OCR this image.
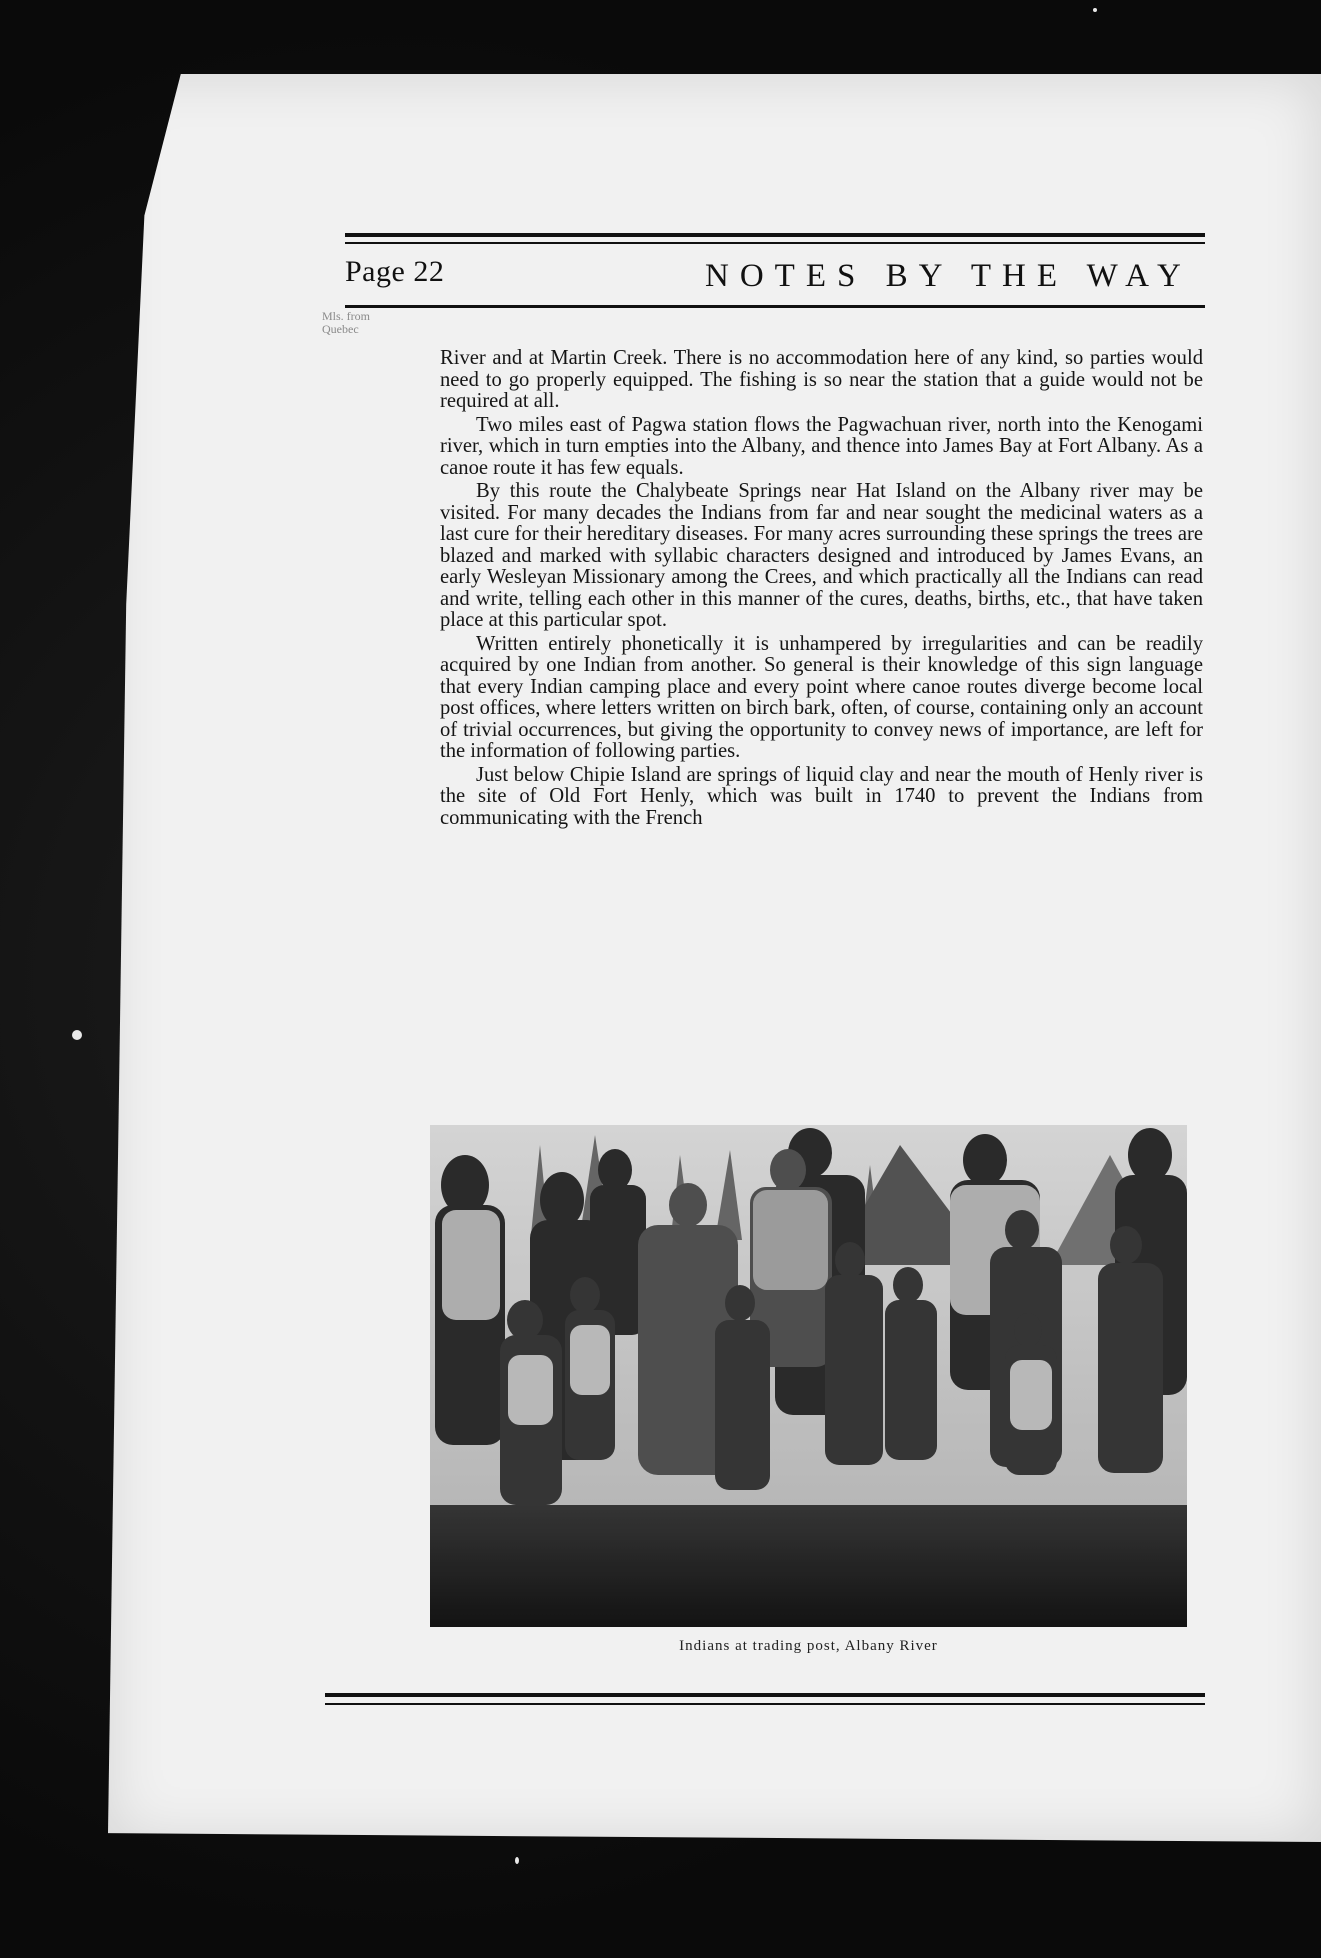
Page 22	NOTES BY THE WAY
Mls. from
Quebec

River and at Martin Creek. There is no accommodation here of any kind, so parties would need to go properly equipped. The fishing is so near the station that a guide would not be required at all.

Two miles east of Pagwa station flows the Pagwachuan river, north into the Kenogami river, which in turn empties into the Albany, and thence into James Bay at Fort Albany. As a canoe route it has few equals.

By this route the Chalybeate Springs near Hat Island on the Albany river may be visited. For many decades the Indians from far and near sought the medicinal waters as a last cure for their hereditary diseases. For many acres surrounding these springs the trees are blazed and marked with syllabic characters designed and introduced by James Evans, an early Wesleyan Missionary among the Crees, and which practically all the Indians can read and write, telling each other in this manner of the cures, deaths, births, etc., that have taken place at this particular spot.

Written entirely phonetically it is unhampered by irregularities and can be readily acquired by one Indian from another. So general is their knowledge of this sign language that every Indian camping place and every point where canoe routes diverge become local post offices, where letters written on birch bark, often, of course, containing only an account of trivial occurrences, but giving the opportunity to convey news of importance, are left for the information of following parties.

Just below Chipie Island are springs of liquid clay and near the mouth of Henly river is the site of Old Fort Henly, which was built in 1740 to prevent the Indians from communicating with the French

Indians at trading post, Albany River
